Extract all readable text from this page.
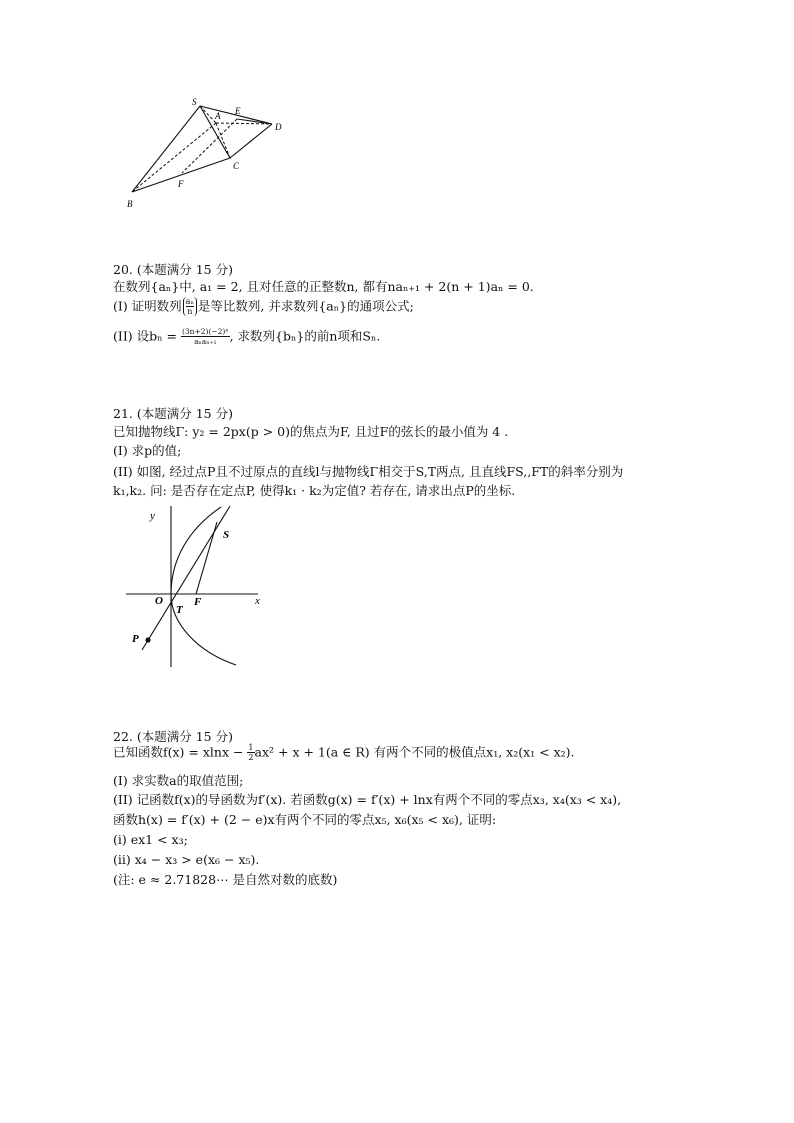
S
E
A
D
C
F
B
20. (本题满分 15 分)
在数列{aₙ}中, a₁ = 2, 且对任意的正整数n, 都有naₙ₊₁ + 2(n + 1)aₙ = 0.
(I) 证明数列 $\frac{\text{aₙ}}{n}$ 是等比数列, 并求数列{aₙ}的通项公式;
(II) 设bₙ = (3n+2)(−2)ⁿ
aₙaₙ₊₁	, 求数列{bₙ}的前n项和Sₙ.
21. (本题满分 15 分)
已知抛物线Γ: y₂ = 2px(p > 0)的焦点为F, 且过F的弦长的最小值为 4 .
(I) 求p的值;
(II) 如图, 经过点P且不过原点的直线l与抛物线Γ相交于S,T两点, 且直线FS,,FT的斜率分别为
k₁,k₂. 问: 是否存在定点P, 使得k₁ · k₂为定值? 若存在, 请求出点P的坐标.
y
x
O
S
T
F
P
22. (本题满分 15 分)
已知函数$f(x) = xlnx - \frac{1}{2} ax^2 + x + 1(a$ ∈ R) 有两个不同的极值点x₁, x₂(x₁ < x₂).
(I) 求实数a的取值范围;
(II) 记函数f(x)的导函数为f′(x). 若函数g(x) = f′(x) + lnx有两个不同的零点x₃, x₄(x₃ < x₄),
函数h(x) = f′(x) + (2 − e)x有两个不同的零点x₅, x₆(x₅ < x₆), 证明:
(i) ex1 < x₃;
(ii) x₄ − x₃ > e(x₆ − x₅).
(注: e ≈ 2.71828⋯ 是自然对数的底数)
